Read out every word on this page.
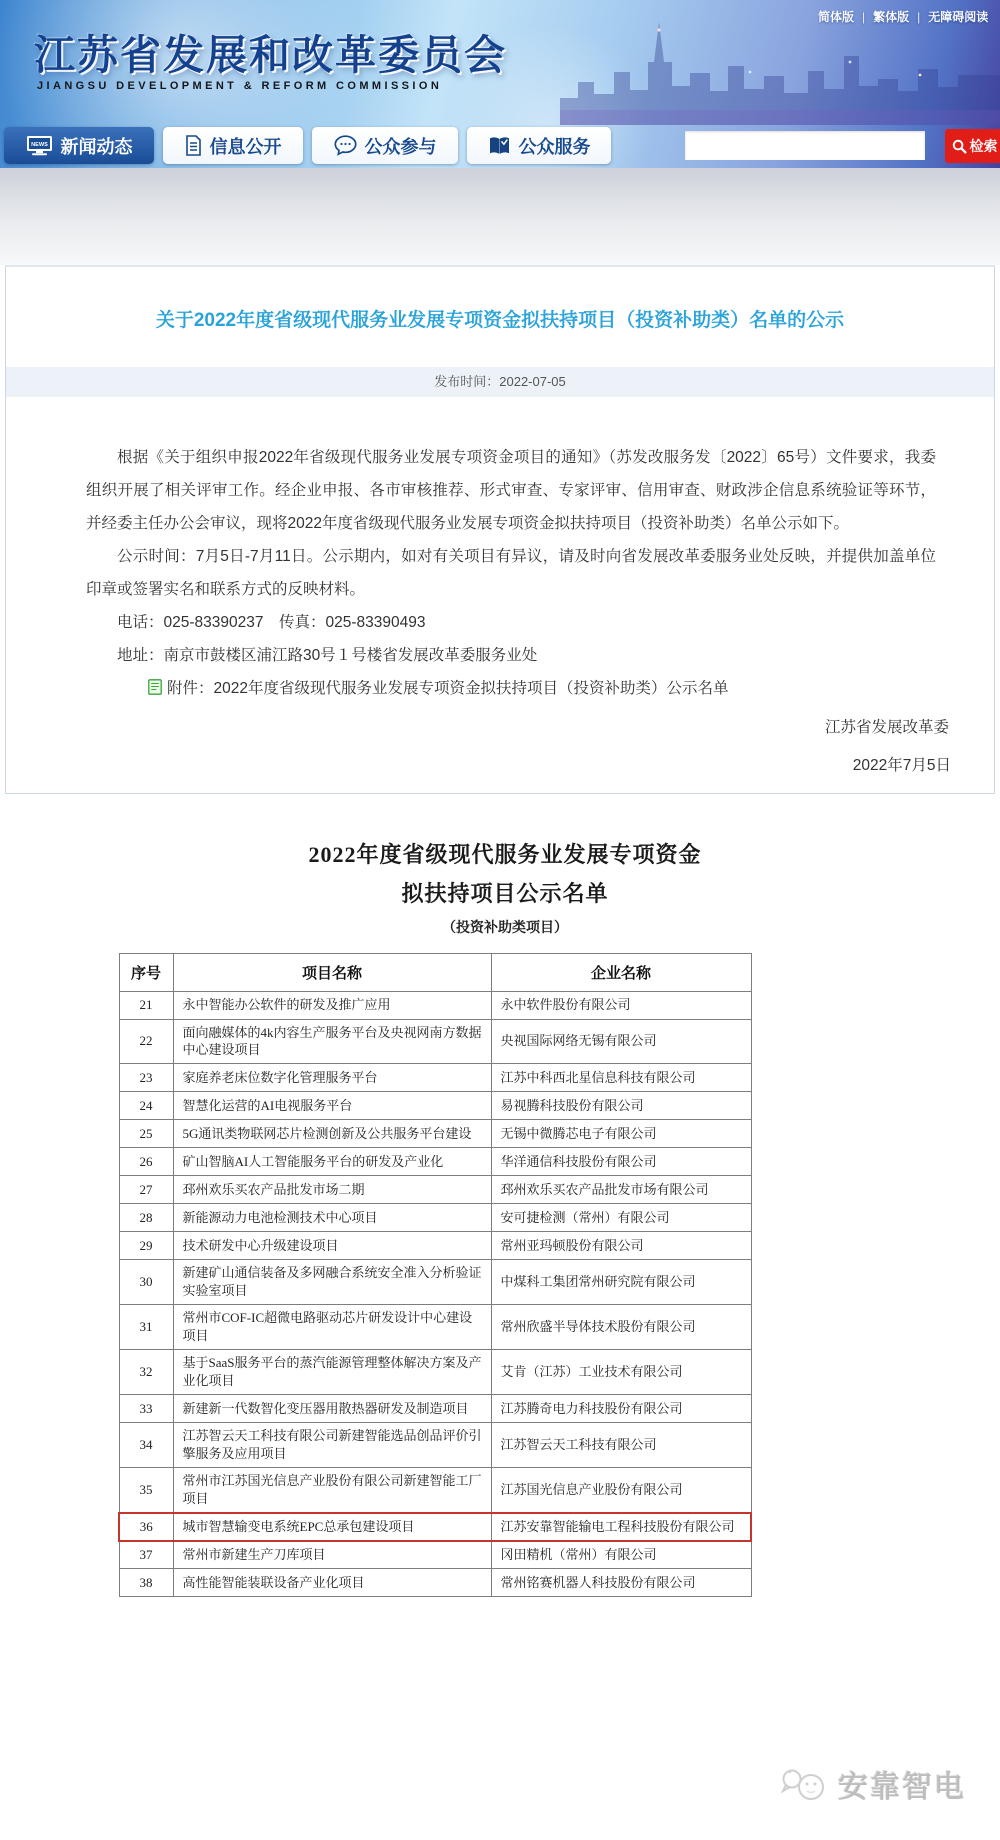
简体版	| 繁体版	| 无障碍阅读
江苏省发展和改革委员会
JIANGSU DEVELOPMENT & REFORM COMMISSION
NEWS 新闻动态	信息公开	公众参与	公众服务	检索
关于2022年度省级现代服务业发展专项资金拟扶持项目（投资补助类）名单的公示
发布时间：2022-07-05

根据《关于组织申报2022年省级现代服务业发展专项资金项目的通知》（苏发改服务发〔2022〕65号）文件要求，我委组织开展了相关评审工作。经企业申报、各市审核推荐、形式审查、专家评审、信用审查、财政涉企信息系统验证等环节，并经委主任办公会审议，现将2022年度省级现代服务业发展专项资金拟扶持项目（投资补助类）名单公示如下。

公示时间：7月5日-7月11日。公示期内，如对有关项目有异议，请及时向省发展改革委服务业处反映，并提供加盖单位印章或签署实名和联系方式的反映材料。

电话：025-83390237　传真：025-83390493

地址：南京市鼓楼区浦江路30号１号楼省发展改革委服务业处

附件：2022年度省级现代服务业发展专项资金拟扶持项目（投资补助类）公示名单
江苏省发展改革委
2022年7月5日
2022年度省级现代服务业发展专项资金
拟扶持项目公示名单
（投资补助类项目）
序号	项目名称	企业名称
21	永中智能办公软件的研发及推广应用	永中软件股份有限公司
22	面向融媒体的4k内容生产服务平台及央视网南方数据中心建设项目	央视国际网络无锡有限公司
23	家庭养老床位数字化管理服务平台	江苏中科西北星信息科技有限公司
24	智慧化运营的AI电视服务平台	易视腾科技股份有限公司
25	5G通讯类物联网芯片检测创新及公共服务平台建设	无锡中微腾芯电子有限公司
26	矿山智脑AI人工智能服务平台的研发及产业化	华洋通信科技股份有限公司
27	邳州欢乐买农产品批发市场二期	邳州欢乐买农产品批发市场有限公司
28	新能源动力电池检测技术中心项目	安可捷检测（常州）有限公司
29	技术研发中心升级建设项目	常州亚玛顿股份有限公司
30	新建矿山通信装备及多网融合系统安全准入分析验证实验室项目	中煤科工集团常州研究院有限公司
31	常州市COF-IC超微电路驱动芯片研发设计中心建设项目	常州欣盛半导体技术股份有限公司
32	基于SaaS服务平台的蒸汽能源管理整体解决方案及产业化项目	艾肯（江苏）工业技术有限公司
33	新建新一代数智化变压器用散热器研发及制造项目	江苏腾奇电力科技股份有限公司
34	江苏智云天工科技有限公司新建智能选品创品评价引擎服务及应用项目	江苏智云天工科技有限公司
35	常州市江苏国光信息产业股份有限公司新建智能工厂项目	江苏国光信息产业股份有限公司
36	城市智慧输变电系统EPC总承包建设项目	江苏安靠智能输电工程科技股份有限公司
37	常州市新建生产刀库项目	冈田精机（常州）有限公司
38	高性能智能装联设备产业化项目	常州铭赛机器人科技股份有限公司
安靠智电
